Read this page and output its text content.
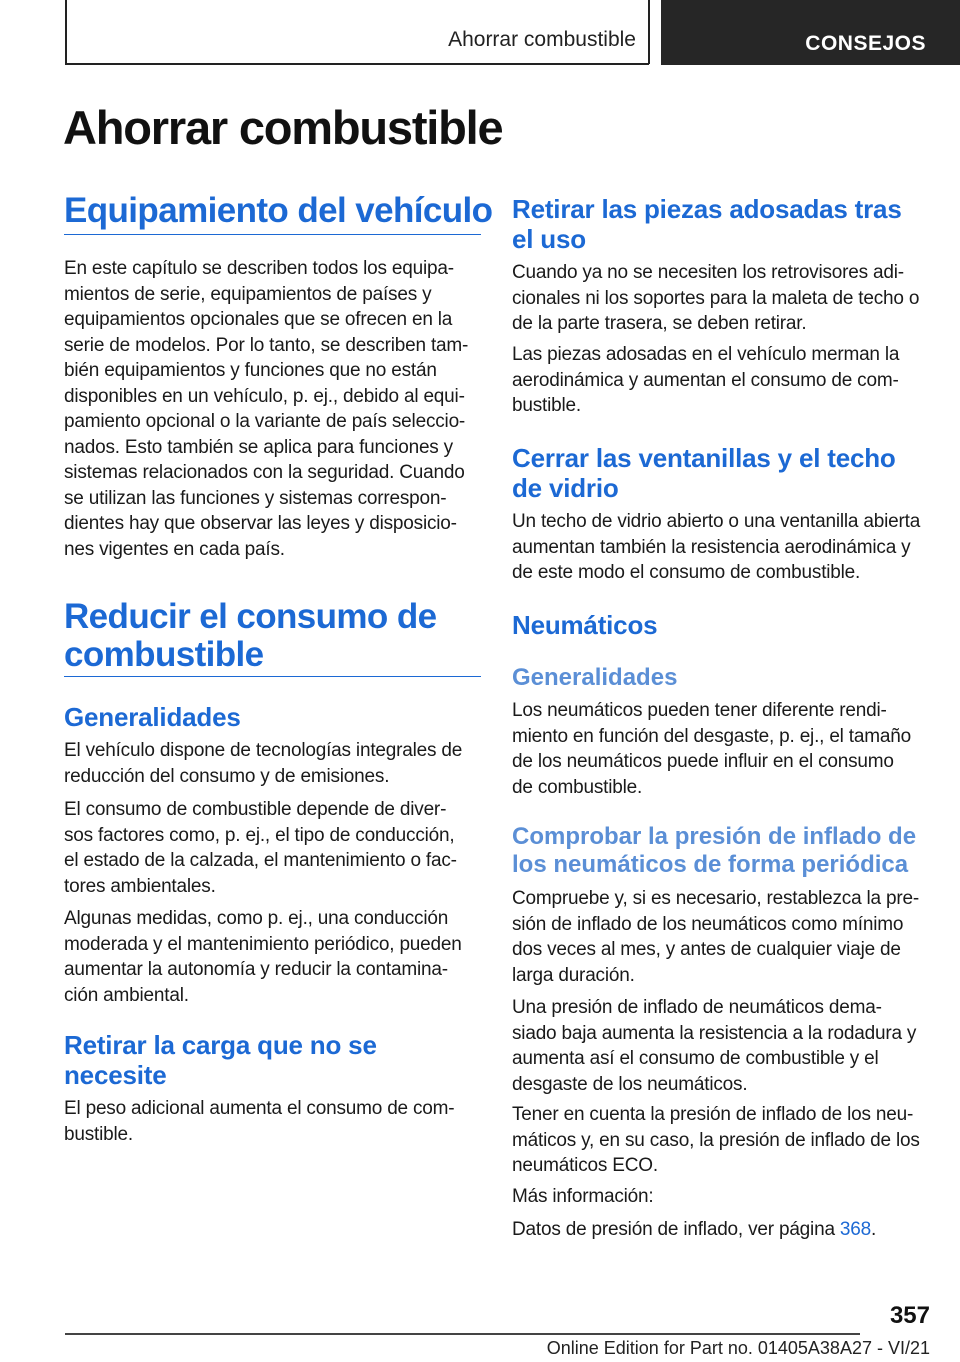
Ahorrar combustible	CONSEJOS
Ahorrar combustible
Equipamiento del vehículo
En este capítulo se describen todos los equipa-
mientos de serie, equipamientos de países y
equipamientos opcionales que se ofrecen en la
serie de modelos. Por lo tanto, se describen tam-
bién equipamientos y funciones que no están
disponibles en un vehículo, p. ej., debido al equi-
pamiento opcional o la variante de país seleccio-
nados. Esto también se aplica para funciones y
sistemas relacionados con la seguridad. Cuando
se utilizan las funciones y sistemas correspon-
dientes hay que observar las leyes y disposicio-
nes vigentes en cada país.
Reducir el consumo de
combustible
Generalidades
El vehículo dispone de tecnologías integrales de
reducción del consumo y de emisiones.
El consumo de combustible depende de diver-
sos factores como, p. ej., el tipo de conducción,
el estado de la calzada, el mantenimiento o fac-
tores ambientales.
Algunas medidas, como p. ej., una conducción
moderada y el mantenimiento periódico, pueden
aumentar la autonomía y reducir la contamina-
ción ambiental.
Retirar la carga que no se
necesite
El peso adicional aumenta el consumo de com-
bustible.
Retirar las piezas adosadas tras
el uso
Cuando ya no se necesiten los retrovisores adi-
cionales ni los soportes para la maleta de techo o
de la parte trasera, se deben retirar.
Las piezas adosadas en el vehículo merman la
aerodinámica y aumentan el consumo de com-
bustible.
Cerrar las ventanillas y el techo
de vidrio
Un techo de vidrio abierto o una ventanilla abierta
aumentan también la resistencia aerodinámica y
de este modo el consumo de combustible.
Neumáticos
Generalidades
Los neumáticos pueden tener diferente rendi-
miento en función del desgaste, p. ej., el tamaño
de los neumáticos puede influir en el consumo
de combustible.
Comprobar la presión de inflado de
los neumáticos de forma periódica
Compruebe y, si es necesario, restablezca la pre-
sión de inflado de los neumáticos como mínimo
dos veces al mes, y antes de cualquier viaje de
larga duración.
Una presión de inflado de neumáticos dema-
siado baja aumenta la resistencia a la rodadura y
aumenta así el consumo de combustible y el
desgaste de los neumáticos.
Tener en cuenta la presión de inflado de los neu-
máticos y, en su caso, la presión de inflado de los
neumáticos ECO.
Más información:
Datos de presión de inflado, ver página 368.
357
Online Edition for Part no. 01405A38A27 - VI/21
